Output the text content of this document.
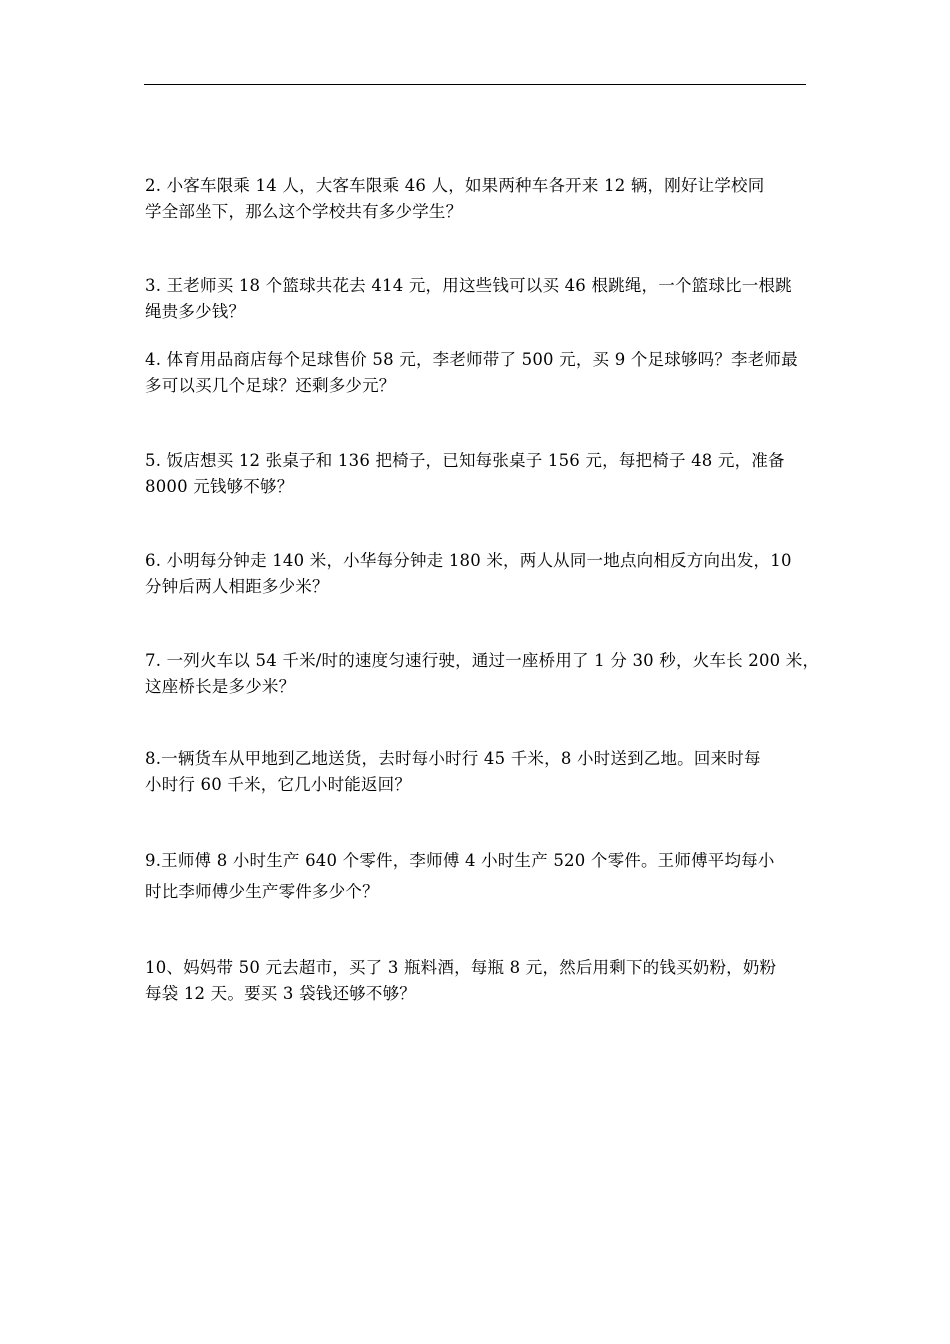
2. 小客车限乘 14 人，大客车限乘 46 人，如果两种车各开来 12 辆，刚好让学校同
学全部坐下，那么这个学校共有多少学生？

3. 王老师买 18 个篮球共花去 414 元，用这些钱可以买 46 根跳绳，一个篮球比一根跳
绳贵多少钱？

4. 体育用品商店每个足球售价 58 元，李老师带了 500 元，买 9 个足球够吗？李老师最
多可以买几个足球？还剩多少元？

5. 饭店想买 12 张桌子和 136 把椅子，已知每张桌子 156 元，每把椅子 48 元，准备
8000 元钱够不够？

6. 小明每分钟走 140 米，小华每分钟走 180 米，两人从同一地点向相反方向出发，10
分钟后两人相距多少米？

7. 一列火车以 54 千米/时的速度匀速行驶，通过一座桥用了 1 分 30 秒，火车长 200 米，
这座桥长是多少米？

8.一辆货车从甲地到乙地送货，去时每小时行 45 千米，8 小时送到乙地。回来时每
小时行 60 千米，它几小时能返回？

9.王师傅 8 小时生产 640 个零件，李师傅 4 小时生产 520 个零件。王师傅平均每小
时比李师傅少生产零件多少个？

10、妈妈带 50 元去超市，买了 3 瓶料酒，每瓶 8 元，然后用剩下的钱买奶粉，奶粉
每袋 12 天。要买 3 袋钱还够不够？
